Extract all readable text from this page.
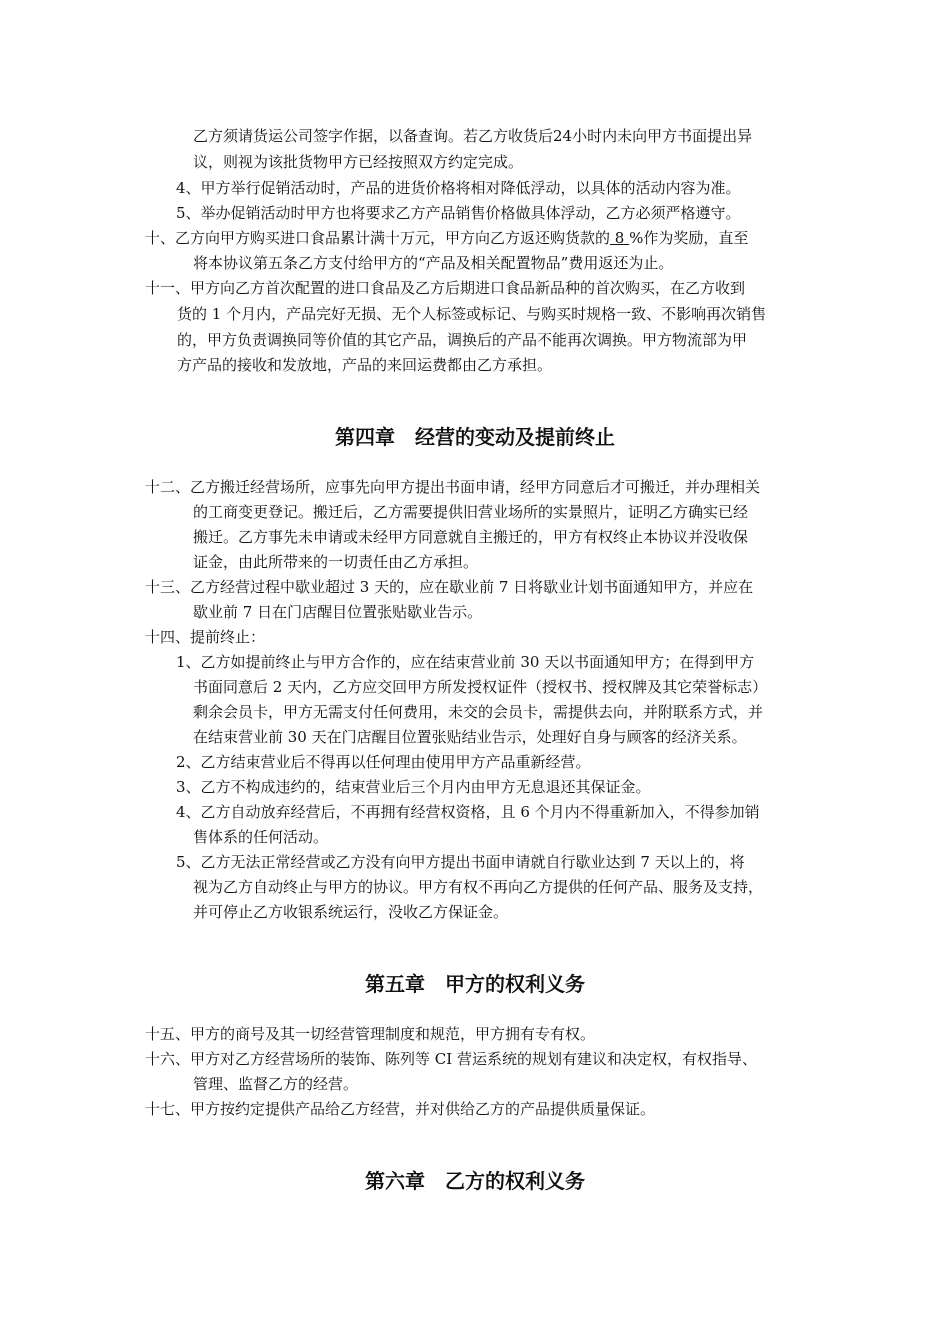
乙方须请货运公司签字作据，以备查询。若乙方收货后24小时内未向甲方书面提出异
议，则视为该批货物甲方已经按照双方约定完成。
4、甲方举行促销活动时，产品的进货价格将相对降低浮动，以具体的活动内容为准。
5、举办促销活动时甲方也将要求乙方产品销售价格做具体浮动，乙方必须严格遵守。
十、乙方向甲方购买进口食品累计满十万元，甲方向乙方返还购货款的 8 %作为奖励，直至
将本协议第五条乙方支付给甲方的“产品及相关配置物品”费用返还为止。
十一、甲方向乙方首次配置的进口食品及乙方后期进口食品新品种的首次购买，在乙方收到
货的 1 个月内，产品完好无损、无个人标签或标记、与购买时规格一致、不影响再次销售
的，甲方负责调换同等价值的其它产品，调换后的产品不能再次调换。甲方物流部为甲
方产品的接收和发放地，产品的来回运费都由乙方承担。
第四章　经营的变动及提前终止
十二、乙方搬迁经营场所，应事先向甲方提出书面申请，经甲方同意后才可搬迁，并办理相关
的工商变更登记。搬迁后，乙方需要提供旧营业场所的实景照片，证明乙方确实已经
搬迁。乙方事先未申请或未经甲方同意就自主搬迁的，甲方有权终止本协议并没收保
证金，由此所带来的一切责任由乙方承担。
十三、乙方经营过程中歇业超过 3 天的，应在歇业前 7 日将歇业计划书面通知甲方，并应在
歇业前 7 日在门店醒目位置张贴歇业告示。
十四、提前终止：
1、乙方如提前终止与甲方合作的，应在结束营业前 30 天以书面通知甲方；在得到甲方
书面同意后 2 天内，乙方应交回甲方所发授权证件（授权书、授权牌及其它荣誉标志）
剩余会员卡，甲方无需支付任何费用，未交的会员卡，需提供去向，并附联系方式，并
在结束营业前 30 天在门店醒目位置张贴结业告示，处理好自身与顾客的经济关系。
2、乙方结束营业后不得再以任何理由使用甲方产品重新经营。
3、乙方不构成违约的，结束营业后三个月内由甲方无息退还其保证金。
4、乙方自动放弃经营后，不再拥有经营权资格，且 6 个月内不得重新加入，不得参加销
售体系的任何活动。
5、乙方无法正常经营或乙方没有向甲方提出书面申请就自行歇业达到 7 天以上的，将
视为乙方自动终止与甲方的协议。甲方有权不再向乙方提供的任何产品、服务及支持，
并可停止乙方收银系统运行，没收乙方保证金。
第五章　甲方的权利义务
十五、甲方的商号及其一切经营管理制度和规范，甲方拥有专有权。
十六、甲方对乙方经营场所的装饰、陈列等 CI 营运系统的规划有建议和决定权，有权指导、
管理、监督乙方的经营。
十七、甲方按约定提供产品给乙方经营，并对供给乙方的产品提供质量保证。
第六章　乙方的权利义务
